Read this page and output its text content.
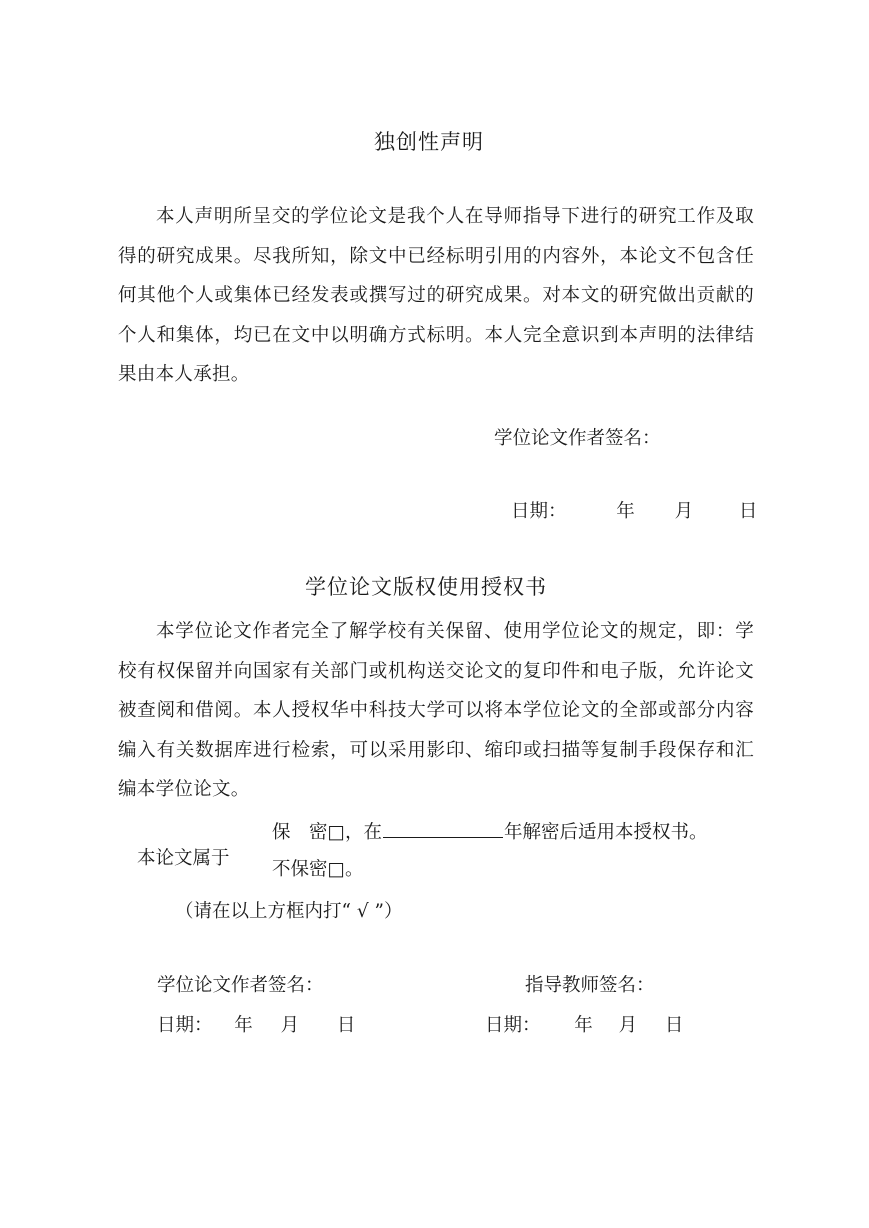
独创性声明
本人声明所呈交的学位论文是我个人在导师指导下进行的研究工作及取得的研究成果。尽我所知，除文中已经标明引用的内容外，本论文不包含任何其他个人或集体已经发表或撰写过的研究成果。对本文的研究做出贡献的个人和集体，均已在文中以明确方式标明。本人完全意识到本声明的法律结果由本人承担。
学位论文作者签名：
日期：	年 月 日
学位论文版权使用授权书
本学位论文作者完全了解学校有关保留、使用学位论文的规定，即：学校有权保留并向国家有关部门或机构送交论文的复印件和电子版，允许论文被查阅和借阅。本人授权华中科技大学可以将本学位论文的全部或部分内容编入有关数据库进行检索，可以采用影印、缩印或扫描等复制手段保存和汇编本学位论文。
本论文属于
保　密□，在	年解密后适用本授权书。
不保密□。
（请在以上方框内打“ √ ”）
学位论文作者签名：	指导教师签名：
日期： 年 月 日	日期： 年 月 日
